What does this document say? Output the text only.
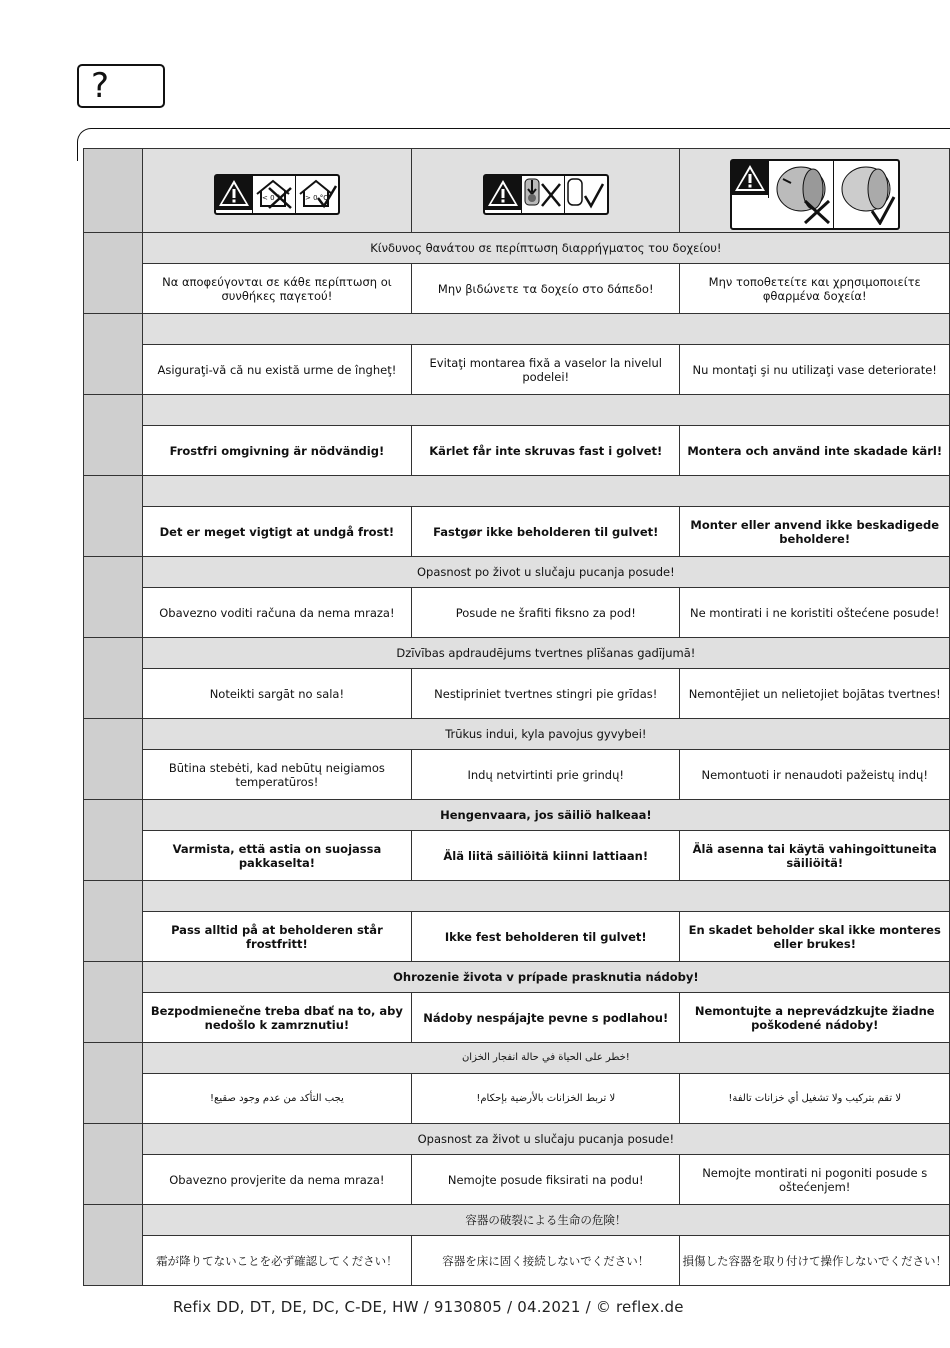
?

< 0 °C > 0 °C

	Κίνδυνος θανάτου σε περίπτωση διαρρήγματος του δοχείου!		
	Να αποφεύγονται σε κάθε περίπτωση οι συνθήκες παγετού!	Μην βιδώνετε τα δοχείο στο δάπεδο!	Μην τοποθετείτε και χρησιμοποιείτε φθαρμένα δοχεία!

	Asiguraţi-vă că nu există urme de îngheţ!	Evitaţi montarea fixă a vaselor la nivelul podelei!	Nu montaţi şi nu utilizaţi vase deteriorate!

	Frostfri omgivning är nödvändig!	Kärlet får inte skruvas fast i golvet!	Montera och använd inte skadade kärl!

	Det er meget vigtigt at undgå frost!	Fastgør ikke beholderen til gulvet!	Monter eller anvend ikke beskadigede beholdere!
	Opasnost po život u slučaju pucanja posude!		
	Obavezno voditi računa da nema mraza!	Posude ne šrafiti fiksno za pod!	Ne montirati i ne koristiti oštećene posude!
	Dzīvības apdraudējums tvertnes plīšanas gadījumā!		
	Noteikti sargāt no sala!	Nestipriniet tvertnes stingri pie grīdas!	Nemontējiet un nelietojiet bojātas tvertnes!
	Trūkus indui, kyla pavojus gyvybei!		
	Būtina stebėti, kad nebūtų neigiamos temperatūros!	Indų netvirtinti prie grindų!	Nemontuoti ir nenaudoti pažeistų indų!
	Hengenvaara, jos säiliö halkeaa!		
	Varmista, että astia on suojassa pakkaselta!	Älä liitä säiliöitä kiinni lattiaan!	Älä asenna tai käytä vahingoittuneita säiliöitä!

	Pass alltid på at beholderen står frostfritt!	Ikke fest beholderen til gulvet!	En skadet beholder skal ikke monteres eller brukes!
	Ohrozenie života v prípade prasknutia nádoby!		
	Bezpodmienečne treba dbať na to, aby nedošlo k zamrznutiu!	Nádoby nespájajte pevne s podlahou!	Nemontujte a neprevádzkujte žiadne poškodené nádoby!
	خطر على الحياة في حالة انفجار الخزان!		
	يجب التأكد من عدم وجود صقيع!	لا تربط الخزانات بالأرضية بإحكام!	لا تقم بتركيب ولا تشغيل أي خزانات تالفة!
	Opasnost za život u slučaju pucanja posude!		
	Obavezno provjerite da nema mraza!	Nemojte posude fiksirati na podu!	Nemojte montirati ni pogoniti posude s oštećenjem!
	容器の破裂による生命の危険！		
	霜が降りてないことを必ず確認してください！	容器を床に固く接続しないでください！	損傷した容器を取り付けて操作しないでください！
Refix DD, DT, DE, DC, C-DE, HW / 9130805 / 04.2021 / © reflex.de
